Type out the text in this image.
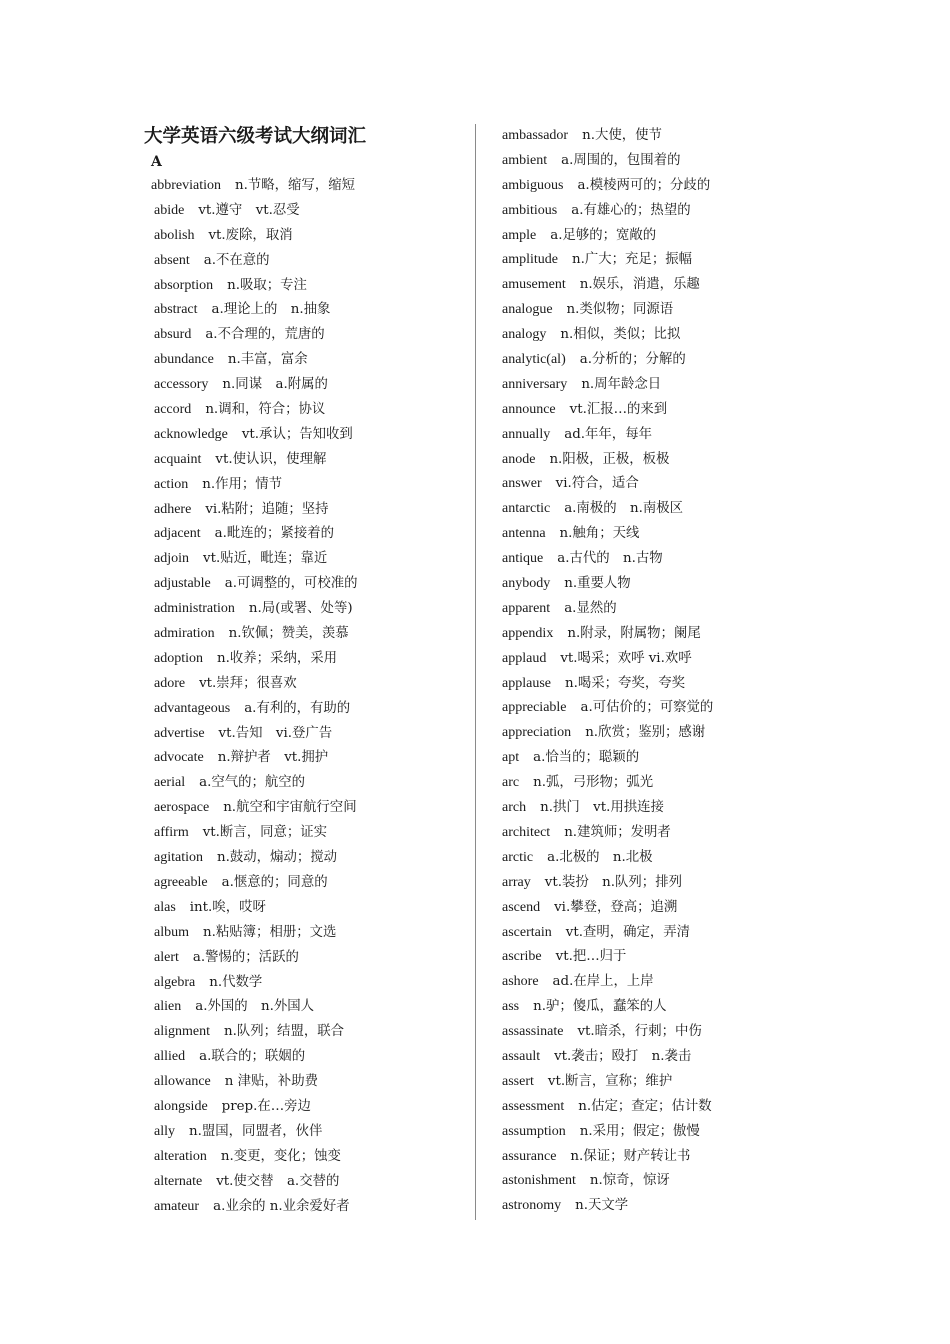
大学英语六级考试大纲词汇
A
abbreviation n.节略，缩写，缩短
abide vt.遵守　vt.忍受
abolish vt.废除，取消
absent a.不在意的
absorption n.吸取；专注
abstract a.理论上的　n.抽象
absurd a.不合理的，荒唐的
abundance n.丰富，富余
accessory n.同谋　a.附属的
accord n.调和，符合；协议
acknowledge vt.承认；告知收到
acquaint vt.使认识，使理解
action n.作用；情节
adhere vi.粘附；追随；坚持
adjacent a.毗连的；紧接着的
adjoin vt.贴近，毗连；靠近
adjustable a.可调整的，可校准的
administration n.局(或署、处等)
admiration n.钦佩；赞美，羡慕
adoption n.收养；采纳，采用
adore vt.崇拜；很喜欢
advantageous a.有利的，有助的
advertise vt.告知　vi.登广告
advocate n.辩护者　vt.拥护
aerial a.空气的；航空的
aerospace n.航空和宇宙航行空间
affirm vt.断言，同意；证实
agitation n.鼓动，煽动；搅动
agreeable a.惬意的；同意的
alas int.唉，哎呀
album n.粘贴簿；相册；文选
alert a.警惕的；活跃的
algebra n.代数学
alien a.外国的　n.外国人
alignment n.队列；结盟，联合
allied a.联合的；联姻的
allowance n 津贴，补助费
alongside prep.在…旁边
ally n.盟国，同盟者，伙伴
alteration n.变更，变化；蚀变
alternate vt.使交替　a.交替的
amateur a.业余的 n.业余爱好者
ambassador n.大使，使节
ambient a.周围的，包围着的
ambiguous a.模棱两可的；分歧的
ambitious a.有雄心的；热望的
ample a.足够的；宽敞的
amplitude n.广大；充足；振幅
amusement n.娱乐，消遣，乐趣
analogue n.类似物；同源语
analogy n.相似，类似；比拟
analytic(al) a.分析的；分解的
anniversary n.周年龄念日
announce vt.汇报…的来到
annually ad.年年，每年
anode n.阳极，正极，板极
answer vi.符合，适合
antarctic a.南极的　n.南极区
antenna n.触角；天线
antique a.古代的　n.古物
anybody n.重要人物
apparent a.显然的
appendix n.附录，附属物；阑尾
applaud vt.喝采；欢呼 vi.欢呼
applause n.喝采；夸奖，夸奖
appreciable a.可估价的；可察觉的
appreciation n.欣赏；鉴别；感谢
apt a.恰当的；聪颖的
arc n.弧，弓形物；弧光
arch n.拱门　vt.用拱连接
architect n.建筑师；发明者
arctic a.北极的　n.北极
array vt.装扮　n.队列；排列
ascend vi.攀登，登高；追溯
ascertain vt.查明，确定，弄清
ascribe vt.把…归于
ashore ad.在岸上，上岸
ass n.驴；傻瓜，蠢笨的人
assassinate vt.暗杀，行刺；中伤
assault vt.袭击；殴打　n.袭击
assert vt.断言，宣称；维护
assessment n.估定；查定；估计数
assumption n.采用；假定；傲慢
assurance n.保证；财产转让书
astonishment n.惊奇，惊讶
astronomy n.天文学
